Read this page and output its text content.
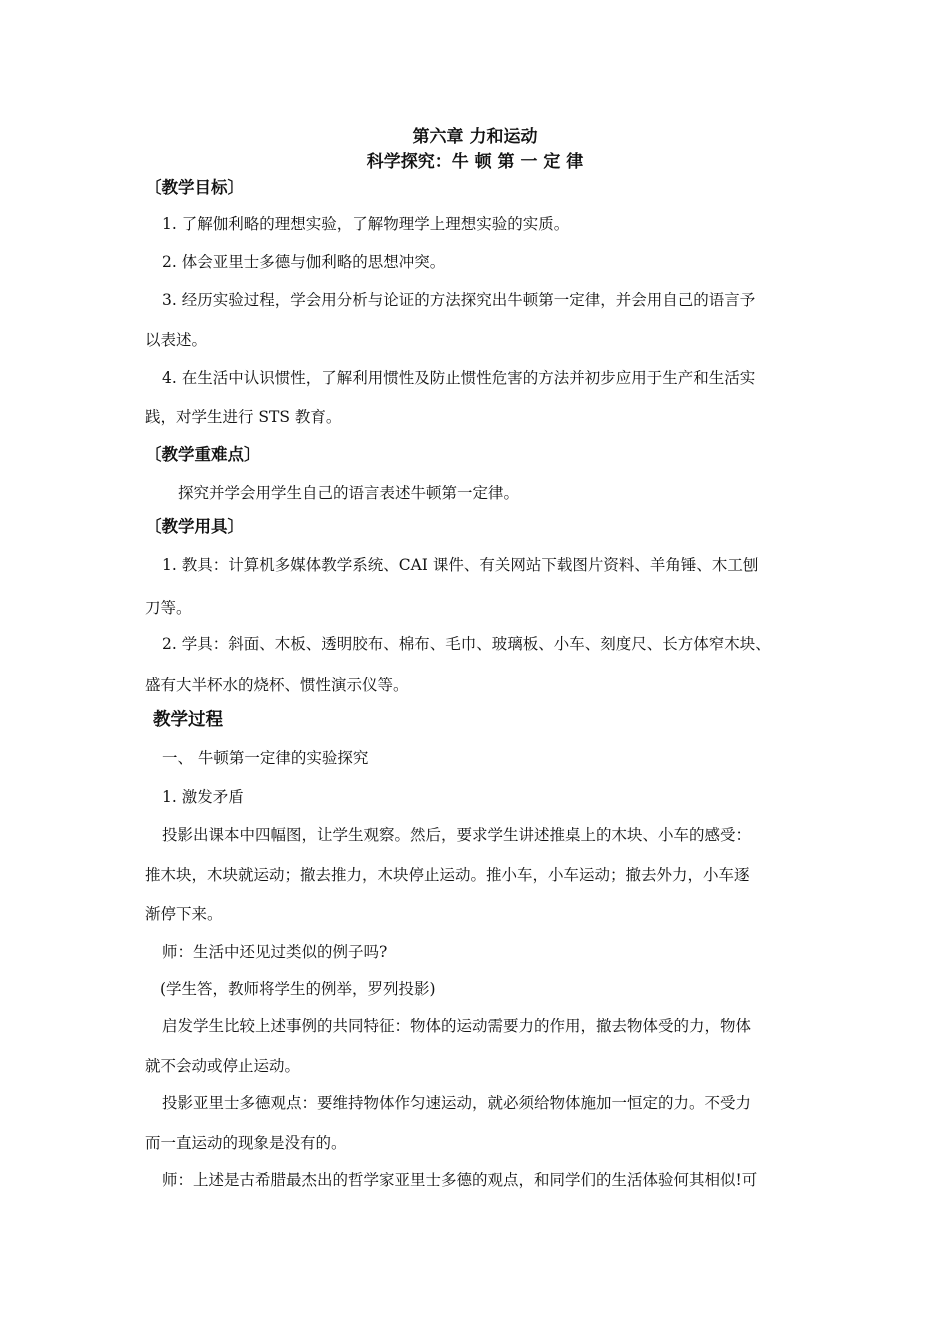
第六章 力和运动
科学探究：牛 顿 第 一 定 律
〔教学目标〕
1. 了解伽利略的理想实验，了解物理学上理想实验的实质。
2. 体会亚里士多德与伽利略的思想冲突。
3. 经历实验过程，学会用分析与论证的方法探究出牛顿第一定律，并会用自己的语言予
以表述。
4. 在生活中认识惯性，了解利用惯性及防止惯性危害的方法并初步应用于生产和生活实
践，对学生进行 STS 教育。
〔教学重难点〕
探究并学会用学生自己的语言表述牛顿第一定律。
〔教学用具〕
1. 教具：计算机多媒体教学系统、CAI 课件、有关网站下载图片资料、羊角锤、木工刨
刀等。
2. 学具：斜面、木板、透明胶布、棉布、毛巾、玻璃板、小车、刻度尺、长方体窄木块、
盛有大半杯水的烧杯、惯性演示仪等。
教学过程
一、 牛顿第一定律的实验探究
1. 激发矛盾
投影出课本中四幅图，让学生观察。然后，要求学生讲述推桌上的木块、小车的感受：
推木块，木块就运动；撤去推力，木块停止运动。推小车，小车运动；撤去外力，小车逐
渐停下来。
师：生活中还见过类似的例子吗?
(学生答，教师将学生的例举，罗列投影)
启发学生比较上述事例的共同特征：物体的运动需要力的作用，撤去物体受的力，物体
就不会动或停止运动。
投影亚里士多德观点：要维持物体作匀速运动，就必须给物体施加一恒定的力。不受力
而一直运动的现象是没有的。
师：上述是古希腊最杰出的哲学家亚里士多德的观点，和同学们的生活体验何其相似!可
